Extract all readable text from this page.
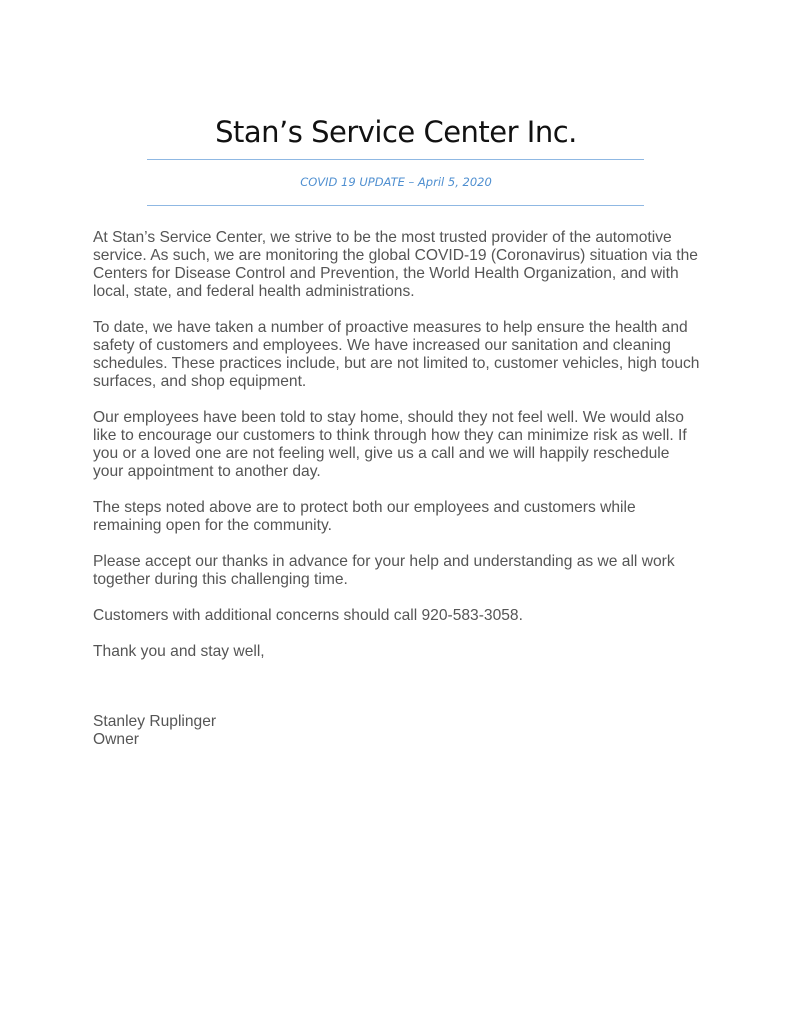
Stan’s Service Center Inc.
COVID 19 UPDATE – April 5, 2020

At Stan’s Service Center, we strive to be the most trusted provider of the automotive service. As such, we are monitoring the global COVID-19 (Coronavirus) situation via the Centers for Disease Control and Prevention, the World Health Organization, and with local, state, and federal health administrations.

To date, we have taken a number of proactive measures to help ensure the health and safety of customers and employees. We have increased our sanitation and cleaning schedules. These practices include, but are not limited to, customer vehicles, high touch surfaces, and shop equipment.

Our employees have been told to stay home, should they not feel well. We would also like to encourage our customers to think through how they can minimize risk as well. If you or a loved one are not feeling well, give us a call and we will happily reschedule your appointment to another day.

The steps noted above are to protect both our employees and customers while remaining open for the community.

Please accept our thanks in advance for your help and understanding as we all work together during this challenging time.

Customers with additional concerns should call 920-583-3058.

Thank you and stay well,

Stanley Ruplinger
Owner
